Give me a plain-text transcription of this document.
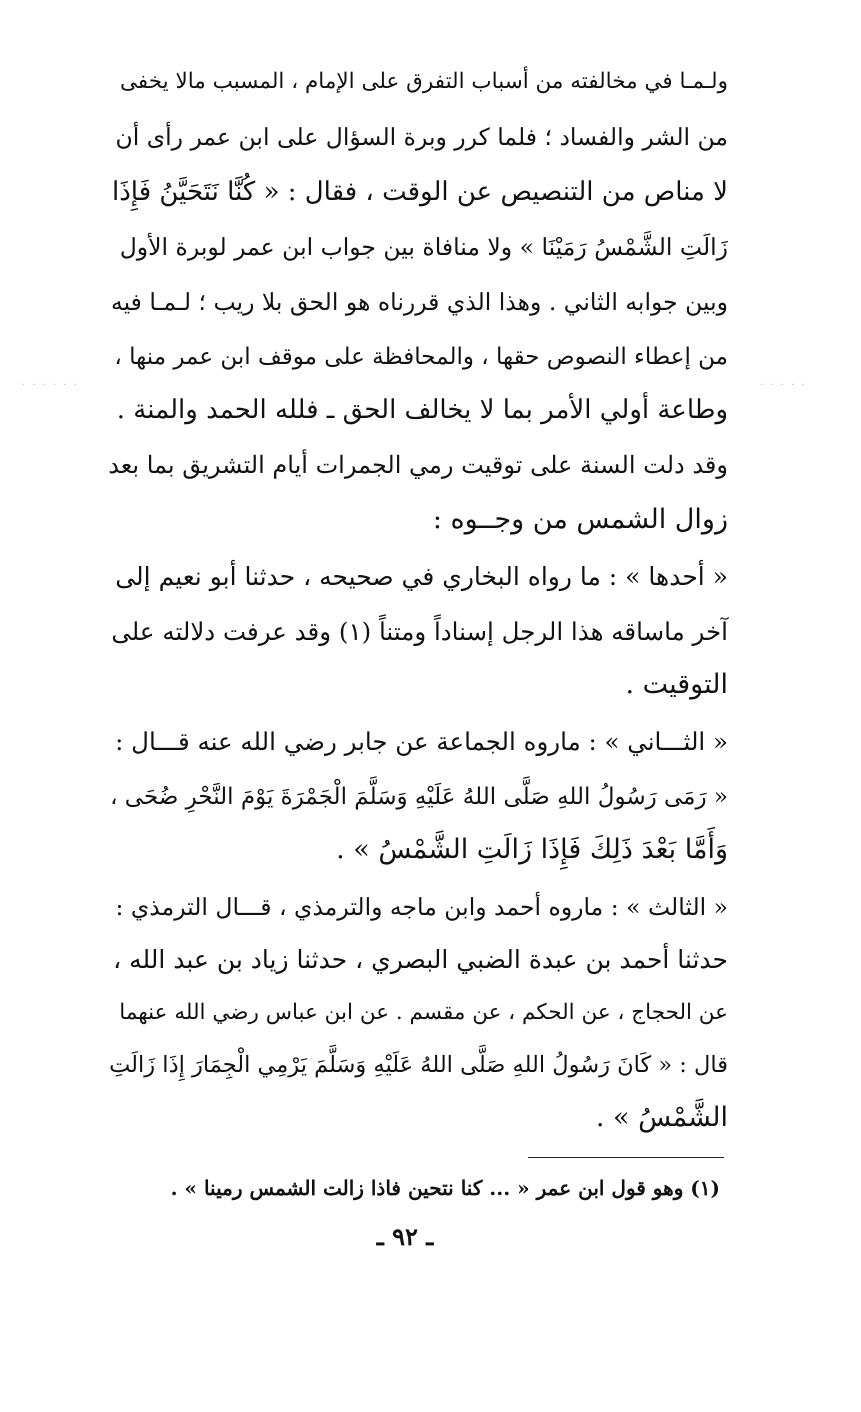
ولـمـا في مخالفته من أسباب التفرق على الإمام ، المسبب مالا يخفى
من الشر والفساد ؛ فلما كرر وبرة السؤال على ابن عمر رأى أن
لا مناص من التنصيص عن الوقت ، فقال : « كُنَّا نَتَحَيَّنُ فَإِذَا
زَالَتِ الشَّمْسُ رَمَيْنَا » ولا منافاة بين جواب ابن عمر لوبرة الأول
وبين جوابه الثاني . وهذا الذي قررناه هو الحق بلا ريب ؛ لـمـا فيه
من إعطاء النصوص حقها ، والمحافظة على موقف ابن عمر منها ،
وطاعة أولي الأمر بما لا يخالف الحق ـ فلله الحمد والمنة .
· · · · · ·	· · · · ·
وقد دلت السنة على توقيت رمي الجمرات أيام التشريق بما بعد
زوال الشمس من وجــوه :
« أحدها » : ما رواه البخاري في صحيحه ، حدثنا أبو نعيم إلى
آخر ماساقه هذا الرجل إسناداً ومتناً (١) وقد عرفت دلالته على
التوقيت .
« الثـــاني » : ماروه الجماعة عن جابر رضي الله عنه قـــال :
« رَمَى رَسُولُ اللهِ صَلَّى اللهُ عَلَيْهِ وَسَلَّمَ الْجَمْرَةَ يَوْمَ النَّحْرِ ضُحَى ،
وَأَمَّا بَعْدَ ذَلِكَ فَإِذَا زَالَتِ الشَّمْسُ » .
« الثالث » : ماروه أحمد وابن ماجه والترمذي ، قـــال الترمذي :
حدثنا أحمد بن عبدة الضبي البصري ، حدثنا زياد بن عبد الله ،
عن الحجاج ، عن الحكم ، عن مقسم . عن ابن عباس رضي الله عنهما
قال : « كَانَ رَسُولُ اللهِ صَلَّى اللهُ عَلَيْهِ وَسَلَّمَ يَرْمِي الْجِمَارَ إِذَا زَالَتِ
الشَّمْسُ » .
(١) وهو قول ابن عمر « ... كنا نتحين فاذا زالت الشمس رمينا » .
ـ ٩٢ ـ
